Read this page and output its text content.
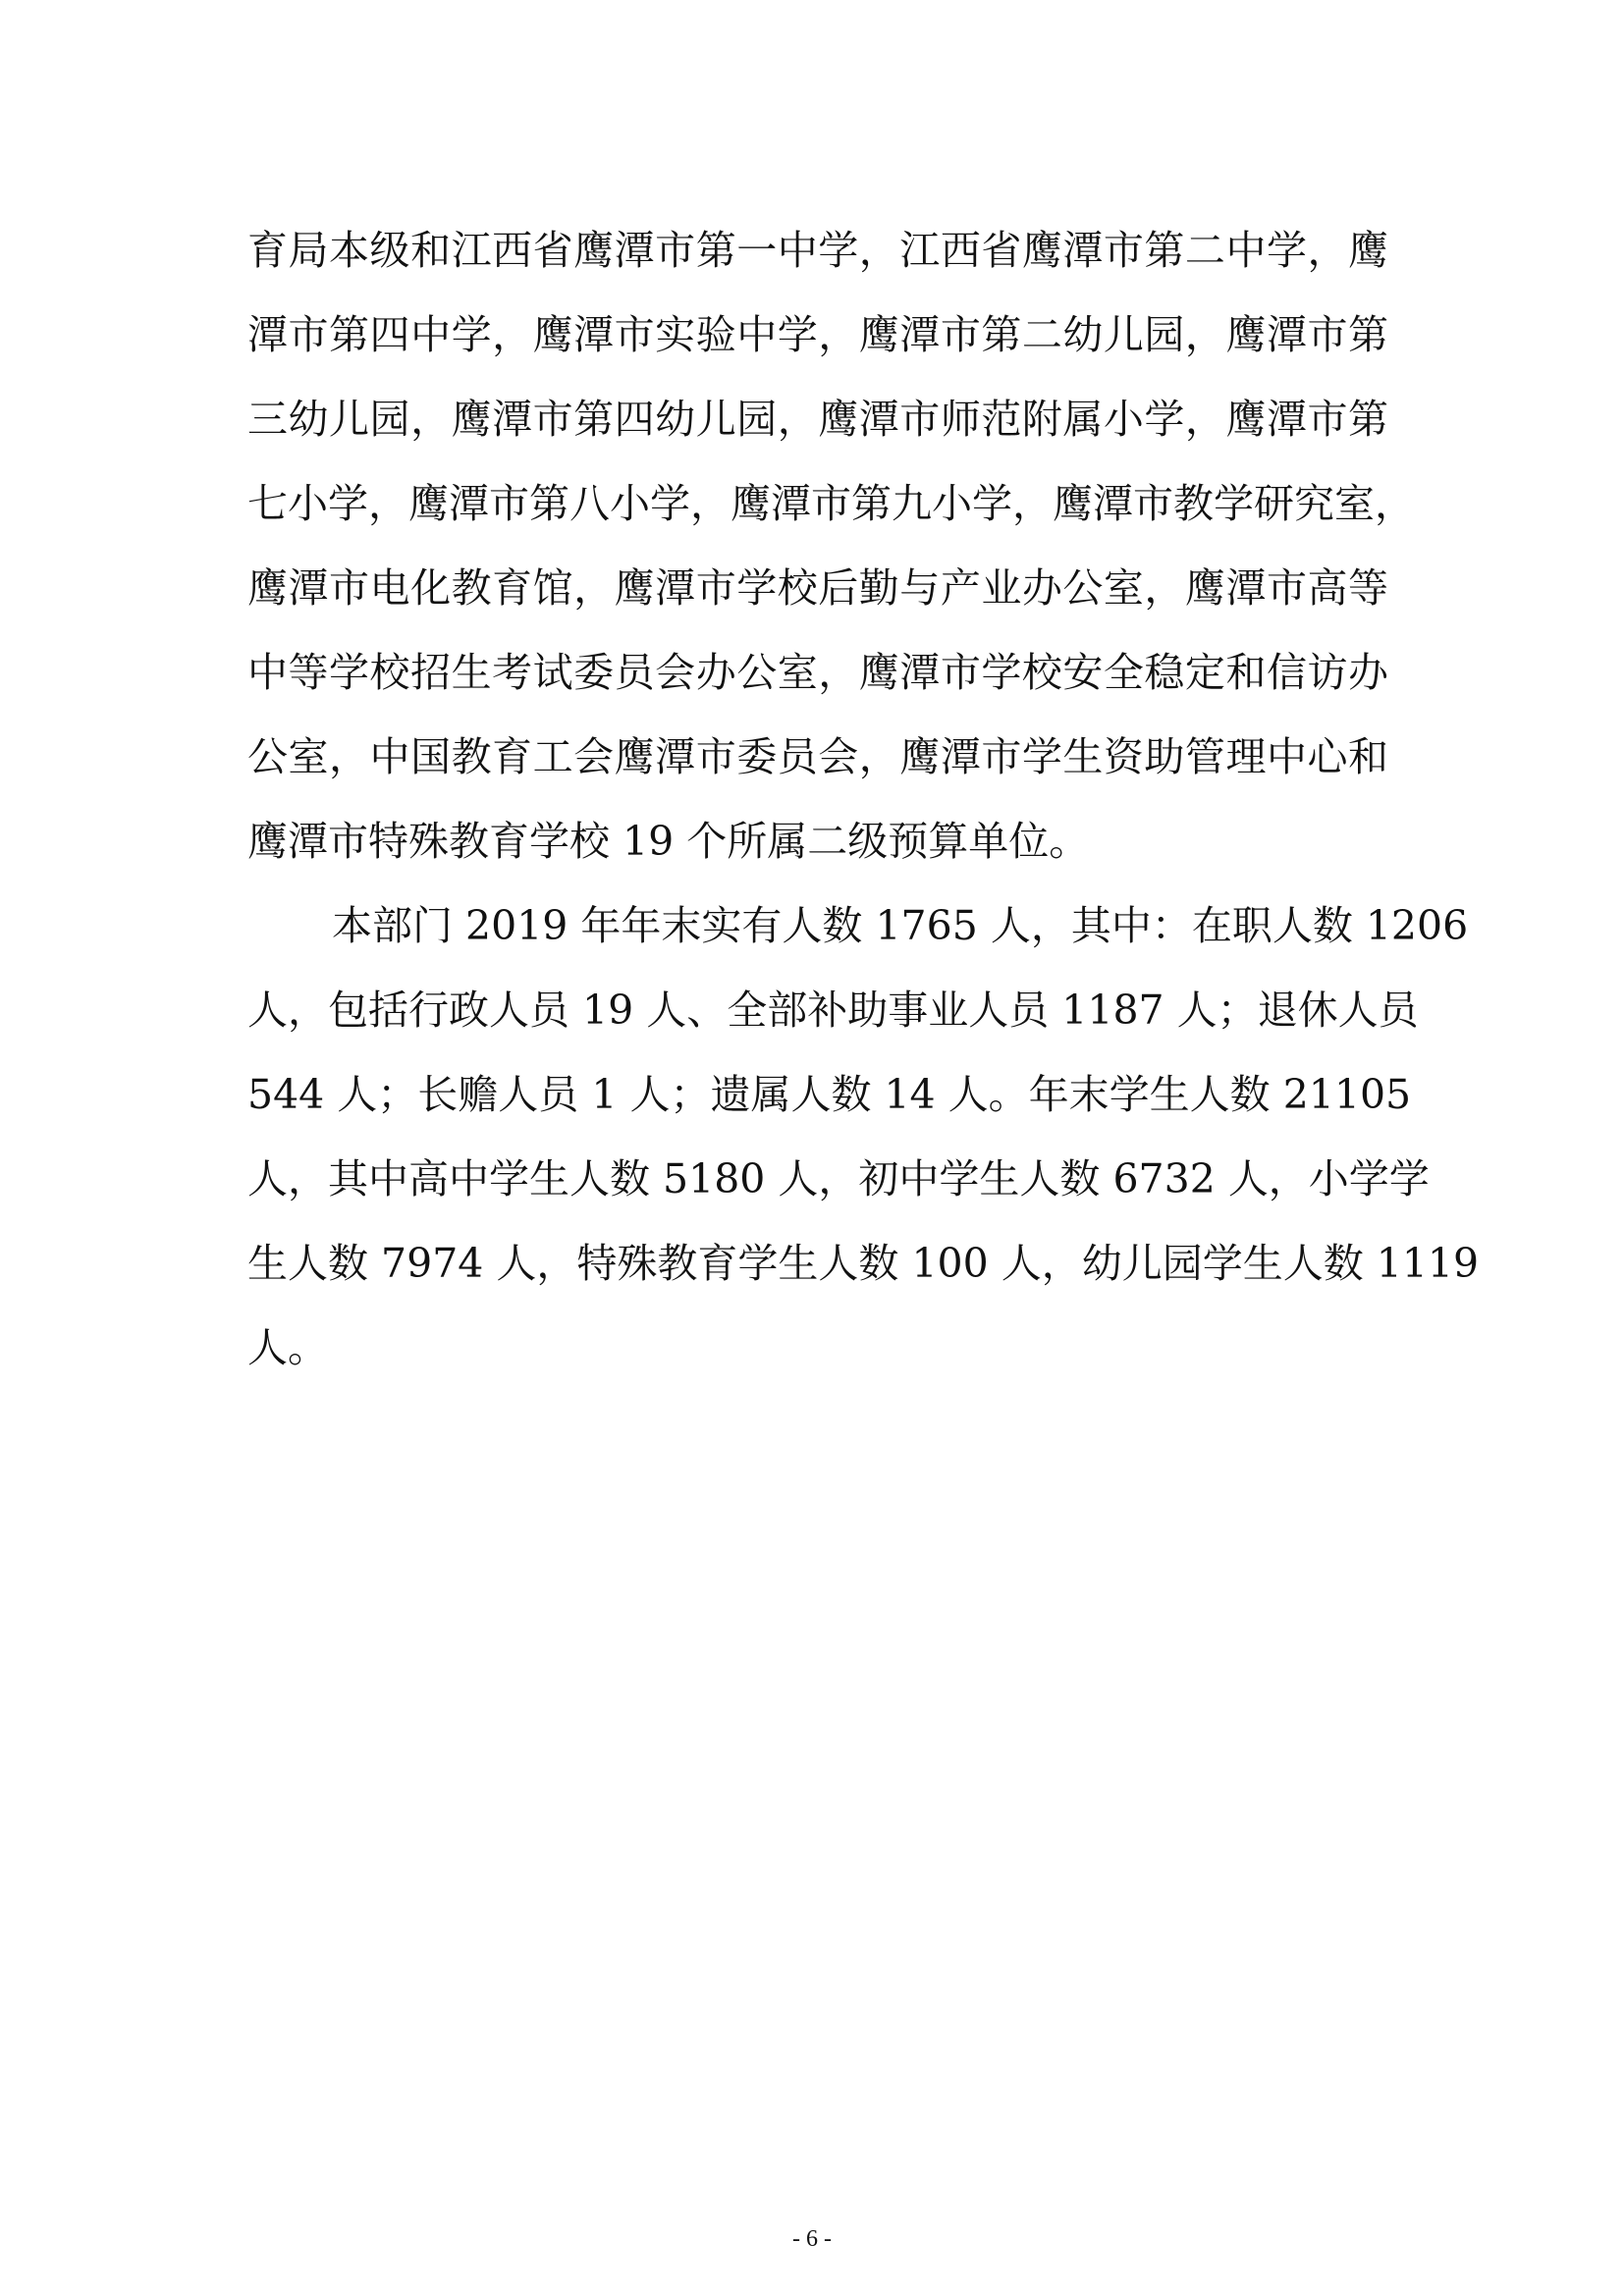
育局本级和江西省鹰潭市第一中学，江西省鹰潭市第二中学，鹰
潭市第四中学，鹰潭市实验中学，鹰潭市第二幼儿园，鹰潭市第
三幼儿园，鹰潭市第四幼儿园，鹰潭市师范附属小学，鹰潭市第
七小学，鹰潭市第八小学，鹰潭市第九小学，鹰潭市教学研究室，
鹰潭市电化教育馆，鹰潭市学校后勤与产业办公室，鹰潭市高等
中等学校招生考试委员会办公室，鹰潭市学校安全稳定和信访办
公室，中国教育工会鹰潭市委员会，鹰潭市学生资助管理中心和
鹰潭市特殊教育学校 19 个所属二级预算单位。
本部门 2019 年年末实有人数 1765 人，其中：在职人数 1206
人，包括行政人员 19 人、全部补助事业人员 1187 人；退休人员
544 人；长赡人员 1 人；遗属人数 14 人。年末学生人数 21105
人，其中高中学生人数 5180 人，初中学生人数 6732 人，小学学
生人数 7974 人，特殊教育学生人数 100 人，幼儿园学生人数 1119
人。
- 6 -
